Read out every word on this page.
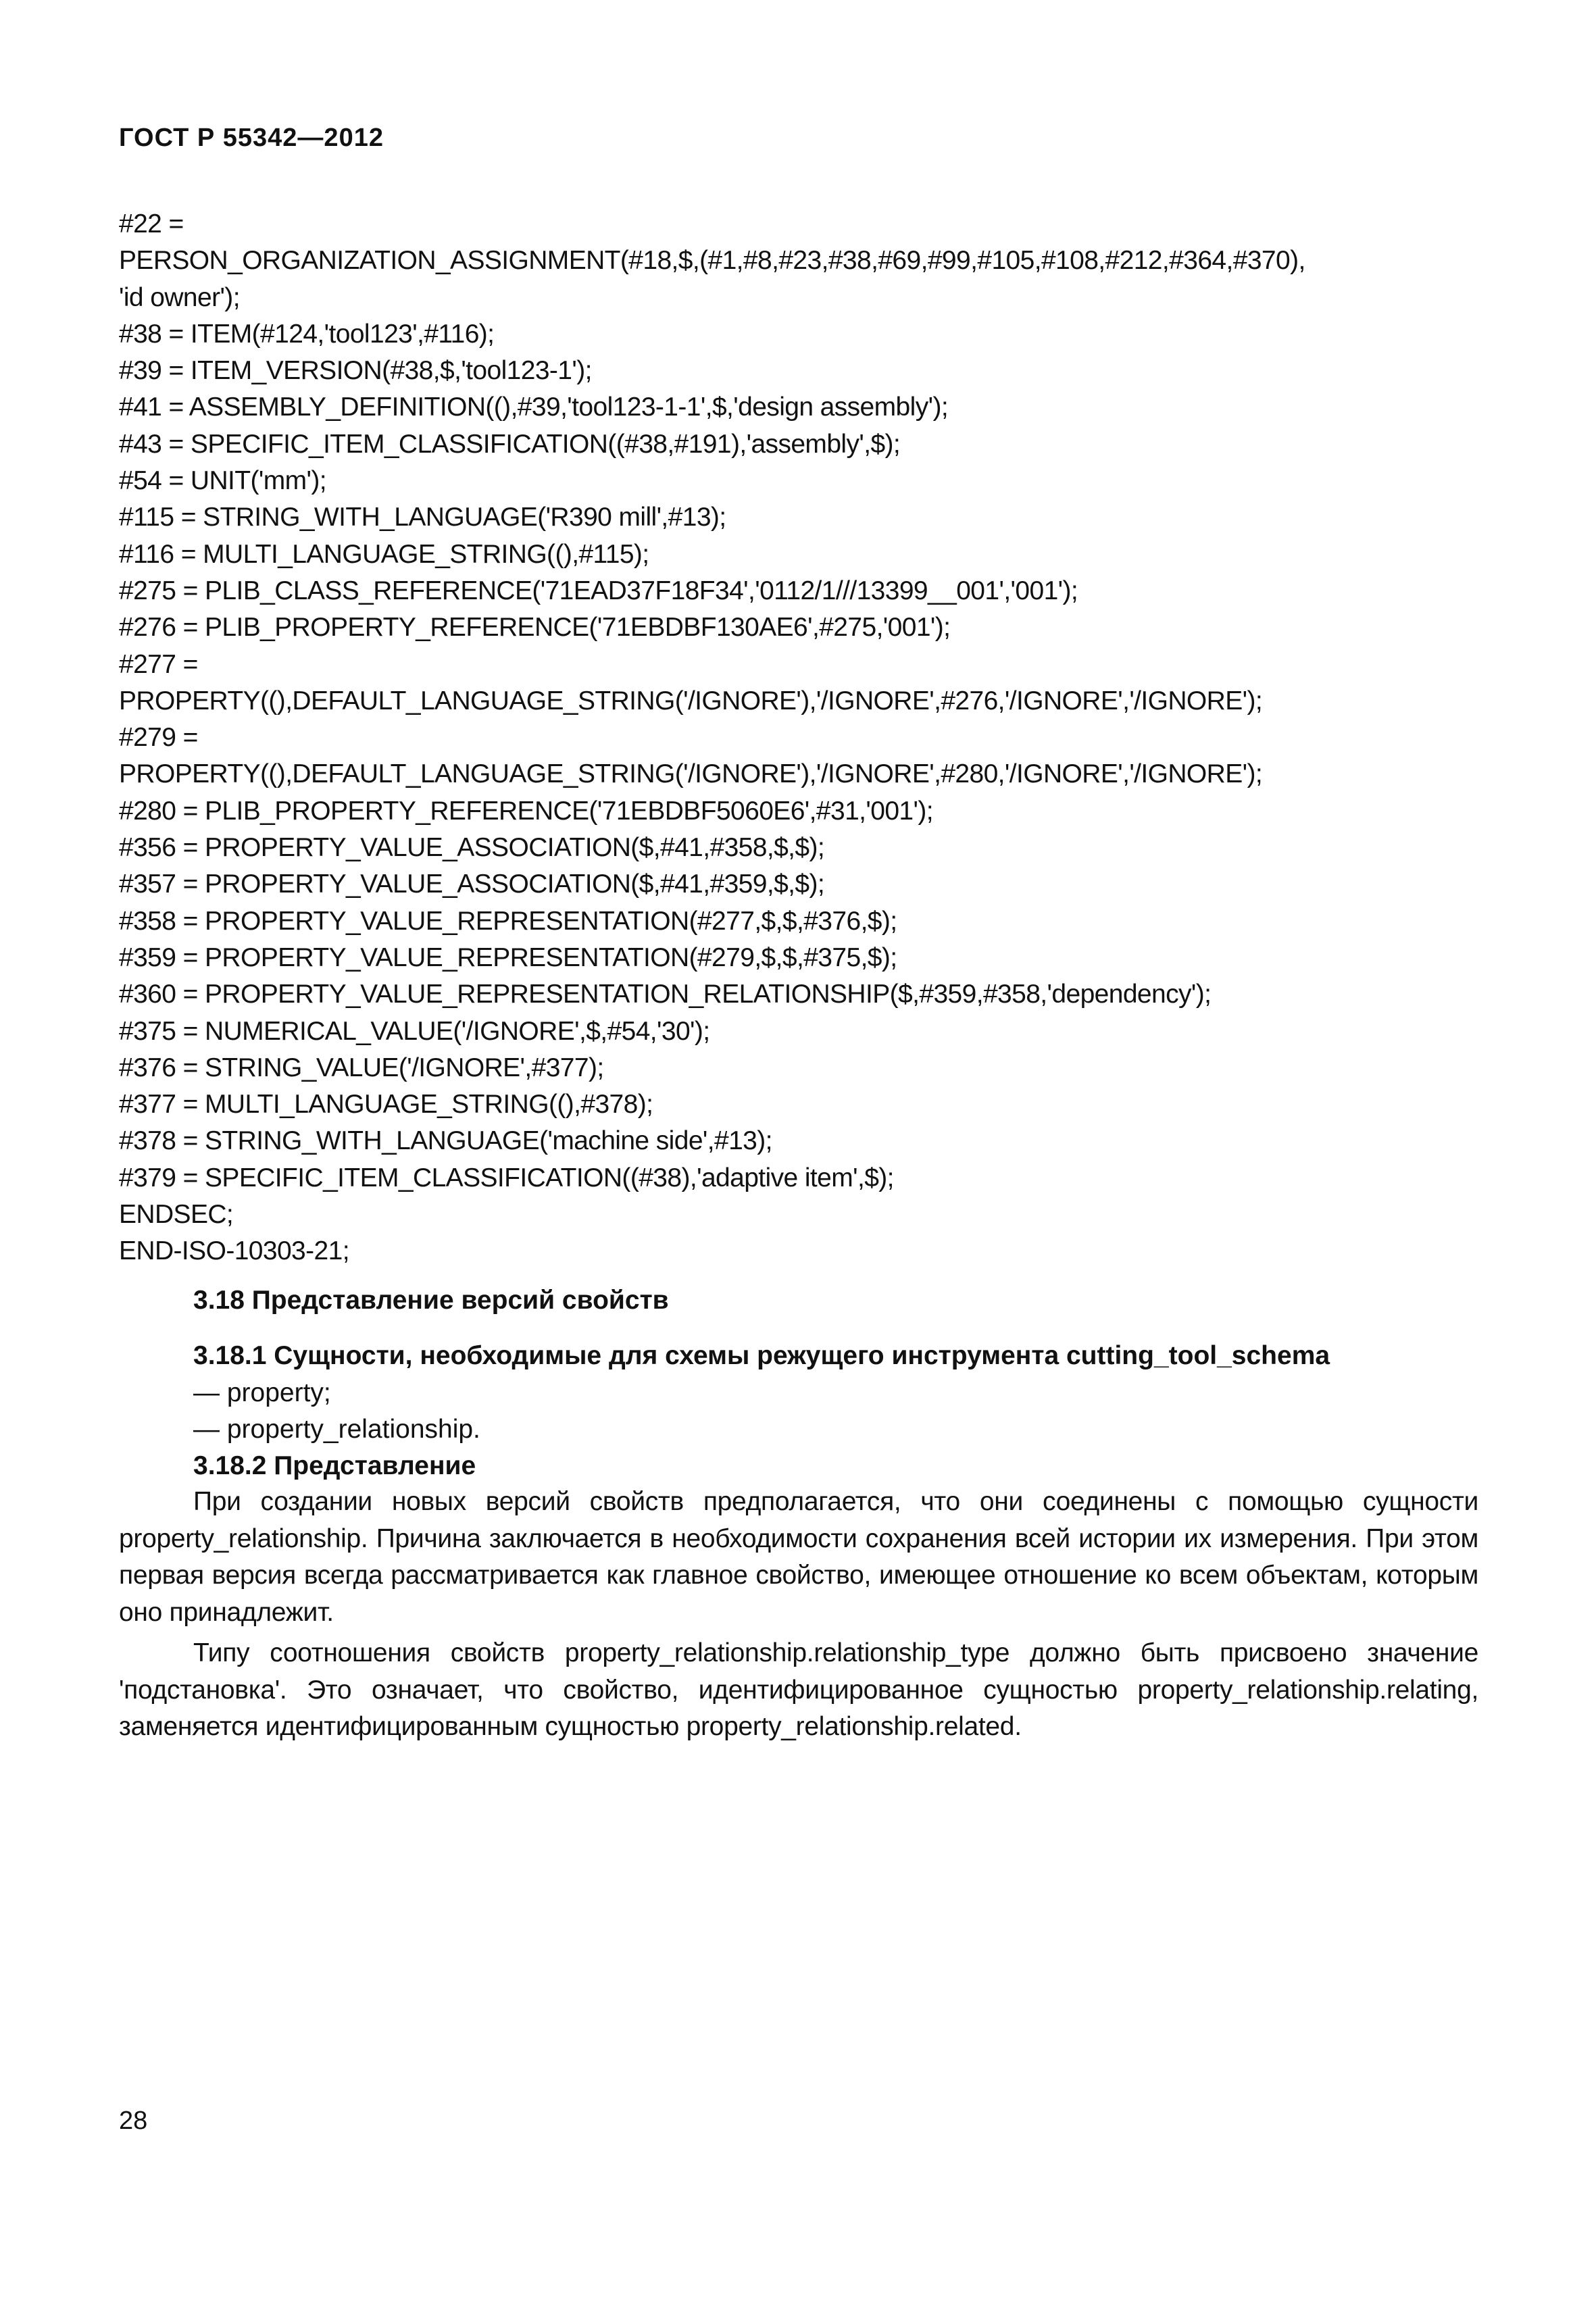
ГОСТ Р 55342—2012
#22 =
PERSON_ORGANIZATION_ASSIGNMENT(#18,$,(#1,#8,#23,#38,#69,#99,#105,#108,#212,#364,#370),
'id owner');
#38 = ITEM(#124,'tool123',#116);
#39 = ITEM_VERSION(#38,$,'tool123-1');
#41 = ASSEMBLY_DEFINITION((),#39,'tool123-1-1',$,'design assembly');
#43 = SPECIFIC_ITEM_CLASSIFICATION((#38,#191),'assembly',$);
#54 = UNIT('mm');
#115 = STRING_WITH_LANGUAGE('R390 mill',#13);
#116 = MULTI_LANGUAGE_STRING((),#115);
#275 = PLIB_CLASS_REFERENCE('71EAD37F18F34','0112/1///13399__001','001');
#276 = PLIB_PROPERTY_REFERENCE('71EBDBF130AE6',#275,'001');
#277 =
PROPERTY((),DEFAULT_LANGUAGE_STRING('/IGNORE'),'/IGNORE',#276,'/IGNORE','/IGNORE');
#279 =
PROPERTY((),DEFAULT_LANGUAGE_STRING('/IGNORE'),'/IGNORE',#280,'/IGNORE','/IGNORE');
#280 = PLIB_PROPERTY_REFERENCE('71EBDBF5060E6',#31,'001');
#356 = PROPERTY_VALUE_ASSOCIATION($,#41,#358,$,$);
#357 = PROPERTY_VALUE_ASSOCIATION($,#41,#359,$,$);
#358 = PROPERTY_VALUE_REPRESENTATION(#277,$,$,#376,$);
#359 = PROPERTY_VALUE_REPRESENTATION(#279,$,$,#375,$);
#360 = PROPERTY_VALUE_REPRESENTATION_RELATIONSHIP($,#359,#358,'dependency');
#375 = NUMERICAL_VALUE('/IGNORE',$,#54,'30');
#376 = STRING_VALUE('/IGNORE',#377);
#377 = MULTI_LANGUAGE_STRING((),#378);
#378 = STRING_WITH_LANGUAGE('machine side',#13);
#379 = SPECIFIC_ITEM_CLASSIFICATION((#38),'adaptive item',$);
ENDSEC;
END-ISO-10303-21;
3.18 Представление версий свойств
3.18.1 Сущности, необходимые для схемы режущего инструмента cutting_tool_schema
— property;
— property_relationship.
3.18.2 Представление
При создании новых версий свойств предполагается, что они соединены с помощью сущности property_relationship. Причина заключается в необходимости сохранения всей истории их измерения. При этом первая версия всегда рассматривается как главное свойство, имеющее отношение ко всем объектам, которым оно принадлежит.
Типу соотношения свойств property_relationship.relationship_type должно быть присвоено значение 'подстановка'. Это означает, что свойство, идентифицированное сущностью property_relationship.relating, заменяется идентифицированным сущностью property_relationship.related.
28
